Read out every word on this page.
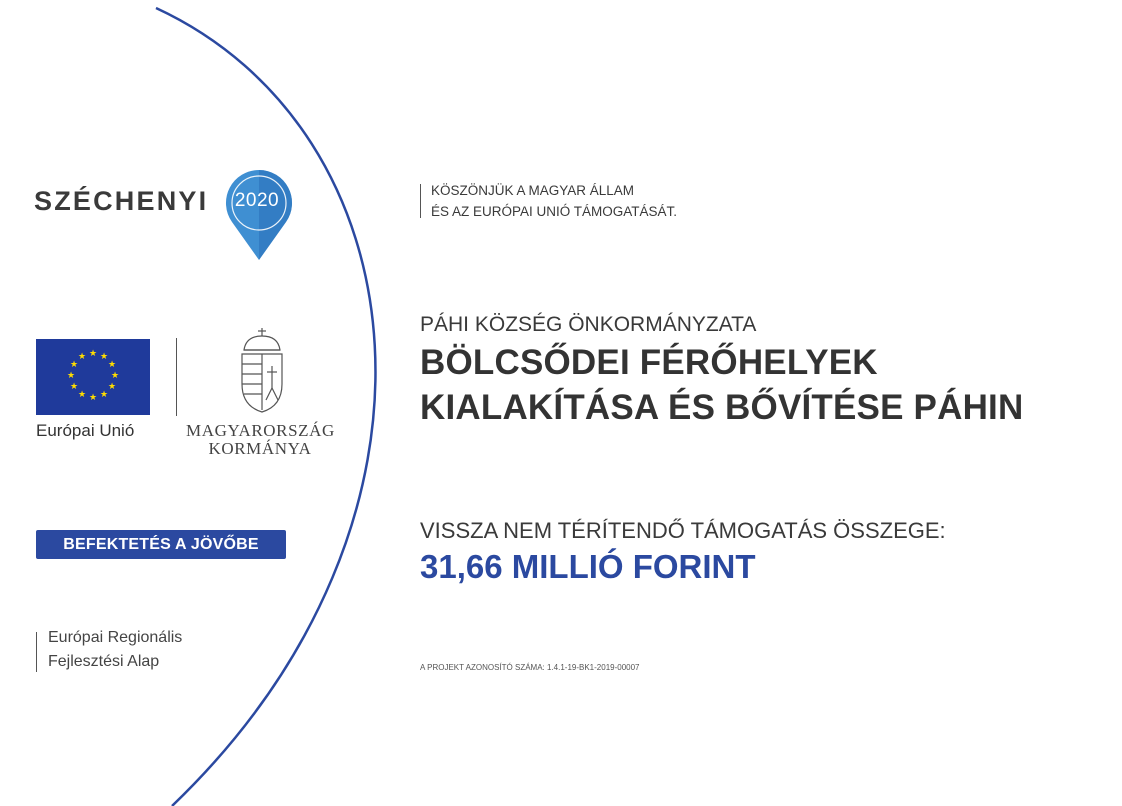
SZÉCHENYI	2020
★ ★
★
★
★
★
★
★
★
★
★
★
Európai Unió	MAGYARORSZÁG
KORMÁNYA
BEFEKTETÉS A JÖVŐBE
Európai Regionális
Fejlesztési Alap
KÖSZÖNJÜK A MAGYAR ÁLLAM
ÉS AZ EURÓPAI UNIÓ TÁMOGATÁSÁT.
PÁHI KÖZSÉG ÖNKORMÁNYZATA
BÖLCSŐDEI FÉRŐHELYEK
KIALAKÍTÁSA ÉS BŐVÍTÉSE PÁHIN
VISSZA NEM TÉRÍTENDŐ TÁMOGATÁS ÖSSZEGE:
31,66 MILLIÓ FORINT
A PROJEKT AZONOSÍTÓ SZÁMA: 1.4.1-19-BK1-2019-00007
